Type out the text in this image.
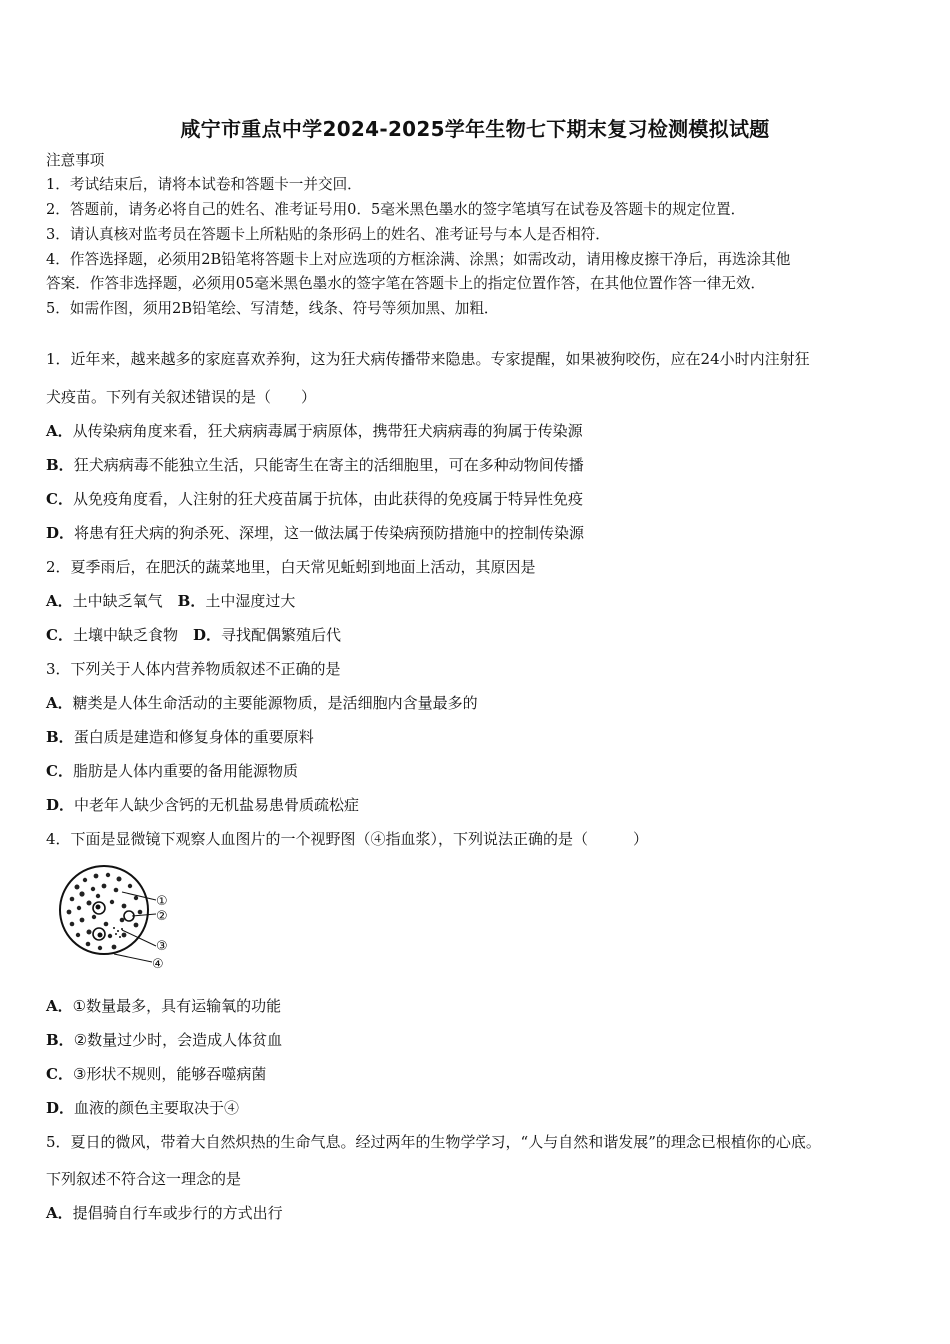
咸宁市重点中学2024-2025学年生物七下期末复习检测模拟试题
注意事项
1．考试结束后，请将本试卷和答题卡一并交回．
2．答题前，请务必将自己的姓名、准考证号用0．5毫米黑色墨水的签字笔填写在试卷及答题卡的规定位置．
3．请认真核对监考员在答题卡上所粘贴的条形码上的姓名、准考证号与本人是否相符．
4．作答选择题，必须用2B铅笔将答题卡上对应选项的方框涂满、涂黑；如需改动，请用橡皮擦干净后，再选涂其他
答案．作答非选择题，必须用05毫米黑色墨水的签字笔在答题卡上的指定位置作答，在其他位置作答一律无效．
5．如需作图，须用2B铅笔绘、写清楚，线条、符号等须加黑、加粗．
1．近年来，越来越多的家庭喜欢养狗，这为狂犬病传播带来隐患。专家提醒，如果被狗咬伤，应在24小时内注射狂
犬疫苗。下列有关叙述错误的是（　　）
A．从传染病角度来看，狂犬病病毒属于病原体，携带狂犬病病毒的狗属于传染源
B．狂犬病病毒不能独立生活，只能寄生在寄主的活细胞里，可在多种动物间传播
C．从免疫角度看，人注射的狂犬疫苗属于抗体，由此获得的免疫属于特异性免疫
D．将患有狂犬病的狗杀死、深埋，这一做法属于传染病预防措施中的控制传染源
2．夏季雨后，在肥沃的蔬菜地里，白天常见蚯蚓到地面上活动，其原因是
A．土中缺乏氧气 B．土中湿度过大
C．土壤中缺乏食物 D．寻找配偶繁殖后代
3．下列关于人体内营养物质叙述不正确的是
A．糖类是人体生命活动的主要能源物质，是活细胞内含量最多的
B．蛋白质是建造和修复身体的重要原料
C．脂肪是人体内重要的备用能源物质
D．中老年人缺少含钙的无机盐易患骨质疏松症
4．下面是显微镜下观察人血图片的一个视野图（④指血浆），下列说法正确的是（　　　）
①
②
③
④
A．①数量最多，具有运输氧的功能
B．②数量过少时，会造成人体贫血
C．③形状不规则，能够吞噬病菌
D．血液的颜色主要取决于④
5．夏日的微风，带着大自然炽热的生命气息。经过两年的生物学学习，“人与自然和谐发展”的理念已根植你的心底。
下列叙述不符合这一理念的是
A．提倡骑自行车或步行的方式出行
